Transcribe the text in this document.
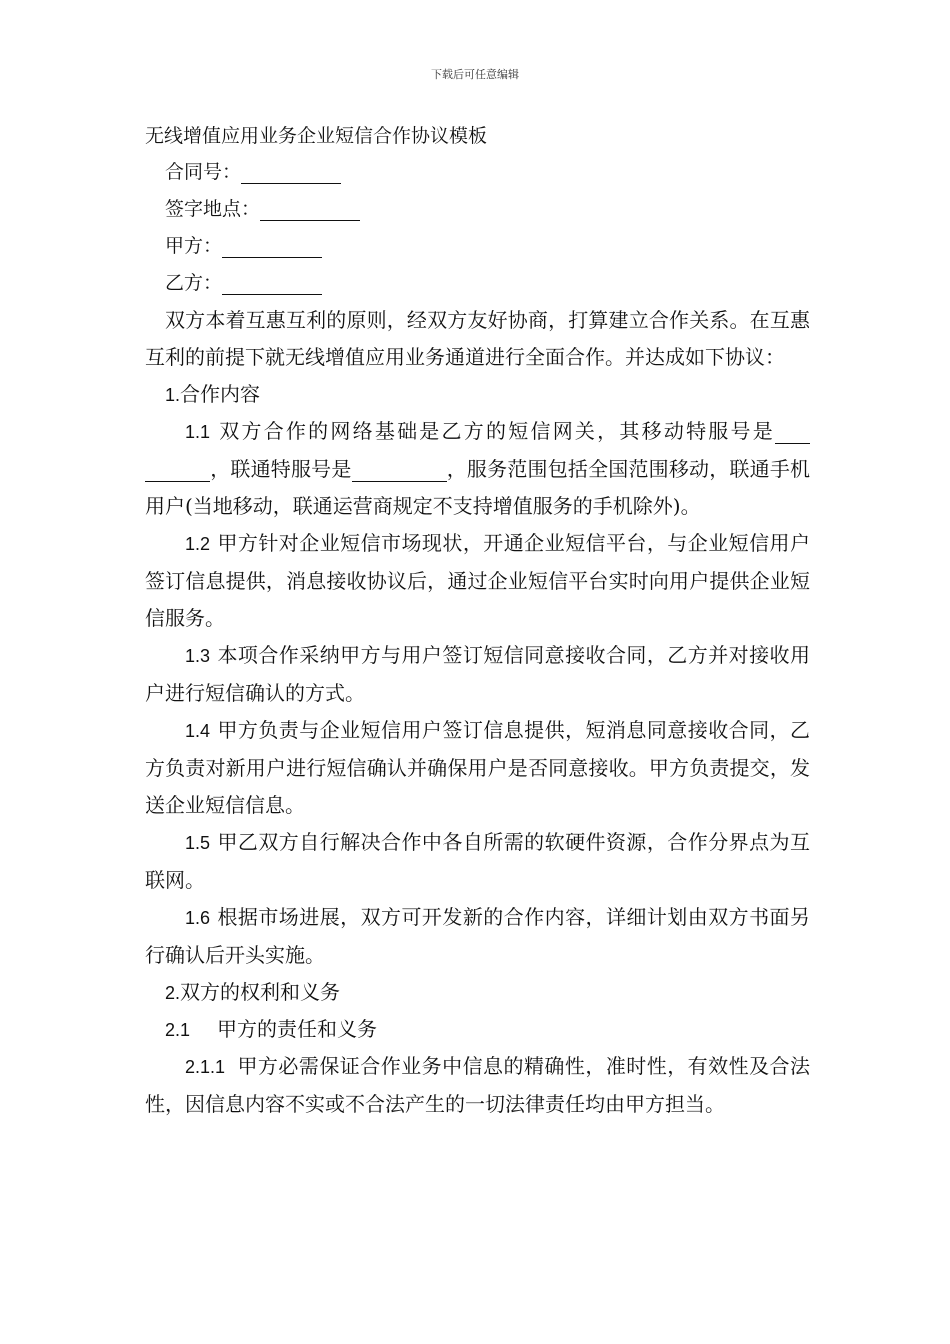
下载后可任意编辑

无线增值应用业务企业短信合作协议模板

合同号：

签字地点：

甲方：

乙方：

双方本着互惠互利的原则，经双方友好协商，打算建立合作关系。在互惠互利的前提下就无线增值应用业务通道进行全面合作。并达成如下协议：

1.合作内容

1.1 双方合作的网络基础是乙方的短信网关，其移动特服号是，联通特服号是	，服务范围包括全国范围移动，联通手机用户(当地移动，联通运营商规定不支持增值服务的手机除外)。

1.2 甲方针对企业短信市场现状，开通企业短信平台，与企业短信用户签订信息提供，消息接收协议后，通过企业短信平台实时向用户提供企业短信服务。

1.3 本项合作采纳甲方与用户签订短信同意接收合同，乙方并对接收用户进行短信确认的方式。

1.4 甲方负责与企业短信用户签订信息提供，短消息同意接收合同，乙方负责对新用户进行短信确认并确保用户是否同意接收。甲方负责提交，发送企业短信信息。

1.5 甲乙双方自行解决合作中各自所需的软硬件资源，合作分界点为互联网。

1.6 根据市场进展，双方可开发新的合作内容，详细计划由双方书面另行确认后开头实施。

2.双方的权利和义务

2.1 甲方的责任和义务

2.1.1 甲方必需保证合作业务中信息的精确性，准时性，有效性及合法性，因信息内容不实或不合法产生的一切法律责任均由甲方担当。
